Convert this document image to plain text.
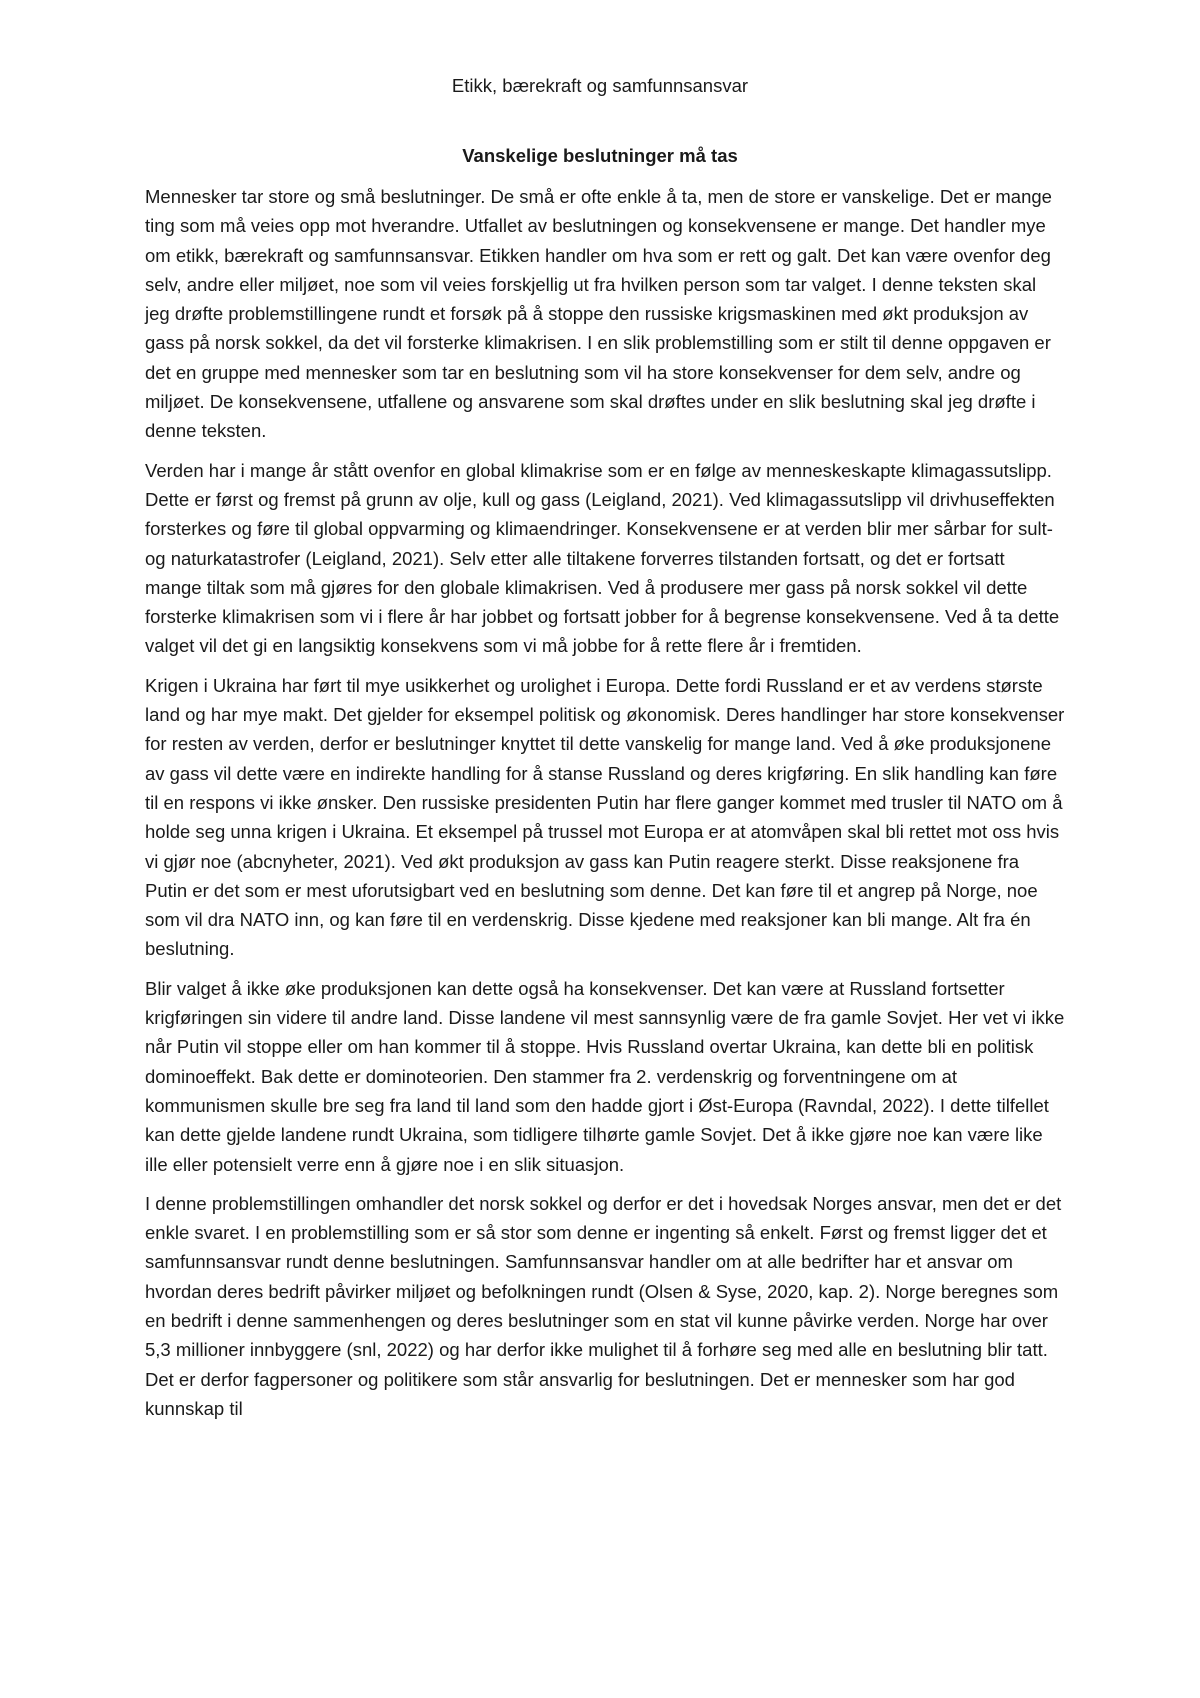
Etikk, bærekraft og samfunnsansvar
Vanskelige beslutninger må tas

Mennesker tar store og små beslutninger. De små er ofte enkle å ta, men de store er vanskelige. Det er mange ting som må veies opp mot hverandre. Utfallet av beslutningen og konsekvensene er mange. Det handler mye om etikk, bærekraft og samfunnsansvar. Etikken handler om hva som er rett og galt. Det kan være ovenfor deg selv, andre eller miljøet, noe som vil veies forskjellig ut fra hvilken person som tar valget. I denne teksten skal jeg drøfte problemstillingene rundt et forsøk på å stoppe den russiske krigsmaskinen med økt produksjon av gass på norsk sokkel, da det vil forsterke klimakrisen. I en slik problemstilling som er stilt til denne oppgaven er det en gruppe med mennesker som tar en beslutning som vil ha store konsekvenser for dem selv, andre og miljøet. De konsekvensene, utfallene og ansvarene som skal drøftes under en slik beslutning skal jeg drøfte i denne teksten.

Verden har i mange år stått ovenfor en global klimakrise som er en følge av menneskeskapte klimagassutslipp. Dette er først og fremst på grunn av olje, kull og gass (Leigland, 2021). Ved klimagassutslipp vil drivhuseffekten forsterkes og føre til global oppvarming og klimaendringer. Konsekvensene er at verden blir mer sårbar for sult- og naturkatastrofer (Leigland, 2021). Selv etter alle tiltakene forverres tilstanden fortsatt, og det er fortsatt mange tiltak som må gjøres for den globale klimakrisen. Ved å produsere mer gass på norsk sokkel vil dette forsterke klimakrisen som vi i flere år har jobbet og fortsatt jobber for å begrense konsekvensene. Ved å ta dette valget vil det gi en langsiktig konsekvens som vi må jobbe for å rette flere år i fremtiden.

Krigen i Ukraina har ført til mye usikkerhet og urolighet i Europa. Dette fordi Russland er et av verdens største land og har mye makt. Det gjelder for eksempel politisk og økonomisk. Deres handlinger har store konsekvenser for resten av verden, derfor er beslutninger knyttet til dette vanskelig for mange land. Ved å øke produksjonene av gass vil dette være en indirekte handling for å stanse Russland og deres krigføring. En slik handling kan føre til en respons vi ikke ønsker. Den russiske presidenten Putin har flere ganger kommet med trusler til NATO om å holde seg unna krigen i Ukraina. Et eksempel på trussel mot Europa er at atomvåpen skal bli rettet mot oss hvis vi gjør noe (abcnyheter, 2021). Ved økt produksjon av gass kan Putin reagere sterkt. Disse reaksjonene fra Putin er det som er mest uforutsigbart ved en beslutning som denne. Det kan føre til et angrep på Norge, noe som vil dra NATO inn, og kan føre til en verdenskrig. Disse kjedene med reaksjoner kan bli mange. Alt fra én beslutning.

Blir valget å ikke øke produksjonen kan dette også ha konsekvenser. Det kan være at Russland fortsetter krigføringen sin videre til andre land. Disse landene vil mest sannsynlig være de fra gamle Sovjet. Her vet vi ikke når Putin vil stoppe eller om han kommer til å stoppe. Hvis Russland overtar Ukraina, kan dette bli en politisk dominoeffekt. Bak dette er dominoteorien. Den stammer fra 2. verdenskrig og forventningene om at kommunismen skulle bre seg fra land til land som den hadde gjort i Øst-Europa (Ravndal, 2022). I dette tilfellet kan dette gjelde landene rundt Ukraina, som tidligere tilhørte gamle Sovjet. Det å ikke gjøre noe kan være like ille eller potensielt verre enn å gjøre noe i en slik situasjon.

I denne problemstillingen omhandler det norsk sokkel og derfor er det i hovedsak Norges ansvar, men det er det enkle svaret. I en problemstilling som er så stor som denne er ingenting så enkelt. Først og fremst ligger det et samfunnsansvar rundt denne beslutningen. Samfunnsansvar handler om at alle bedrifter har et ansvar om hvordan deres bedrift påvirker miljøet og befolkningen rundt (Olsen & Syse, 2020, kap. 2). Norge beregnes som en bedrift i denne sammenhengen og deres beslutninger som en stat vil kunne påvirke verden. Norge har over 5,3 millioner innbyggere (snl, 2022) og har derfor ikke mulighet til å forhøre seg med alle en beslutning blir tatt. Det er derfor fagpersoner og politikere som står ansvarlig for beslutningen. Det er mennesker som har god kunnskap til
